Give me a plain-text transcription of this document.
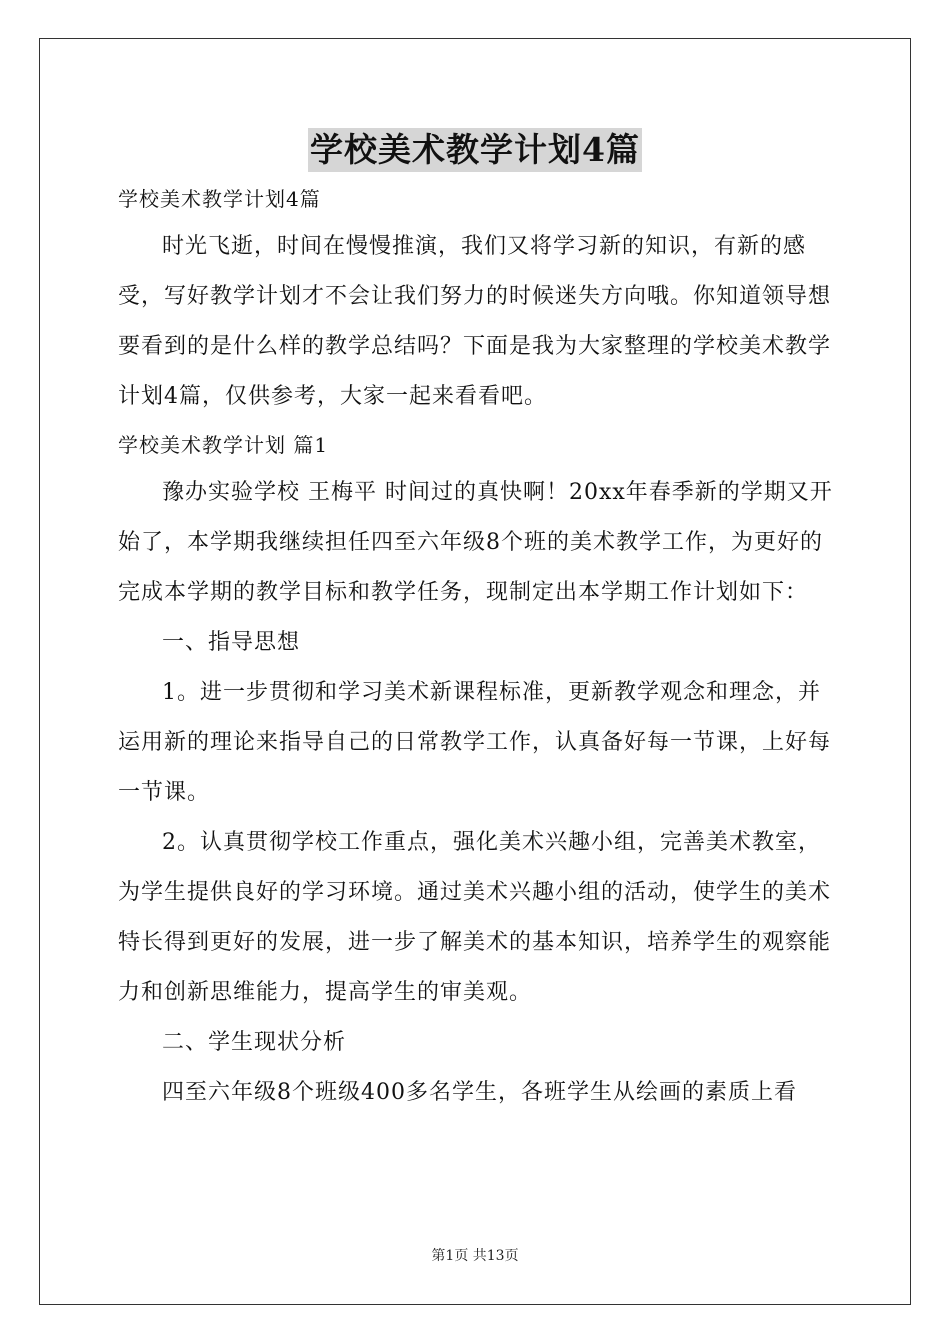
学校美术教学计划4篇

学校美术教学计划4篇

时光飞逝，时间在慢慢推演，我们又将学习新的知识，有新的感受，写好教学计划才不会让我们努力的时候迷失方向哦。你知道领导想要看到的是什么样的教学总结吗？下面是我为大家整理的学校美术教学计划4篇，仅供参考，大家一起来看看吧。

学校美术教学计划 篇1

豫办实验学校 王梅平 时间过的真快啊！20xx年春季新的学期又开始了，本学期我继续担任四至六年级8个班的美术教学工作，为更好的完成本学期的教学目标和教学任务，现制定出本学期工作计划如下：

一、指导思想

1。进一步贯彻和学习美术新课程标准，更新教学观念和理念，并运用新的理论来指导自己的日常教学工作，认真备好每一节课，上好每一节课。

2。认真贯彻学校工作重点，强化美术兴趣小组，完善美术教室，为学生提供良好的学习环境。通过美术兴趣小组的活动，使学生的美术特长得到更好的发展，进一步了解美术的基本知识，培养学生的观察能力和创新思维能力，提高学生的审美观。

二、学生现状分析

四至六年级8个班级400多名学生，各班学生从绘画的素质上看

第1页 共13页
